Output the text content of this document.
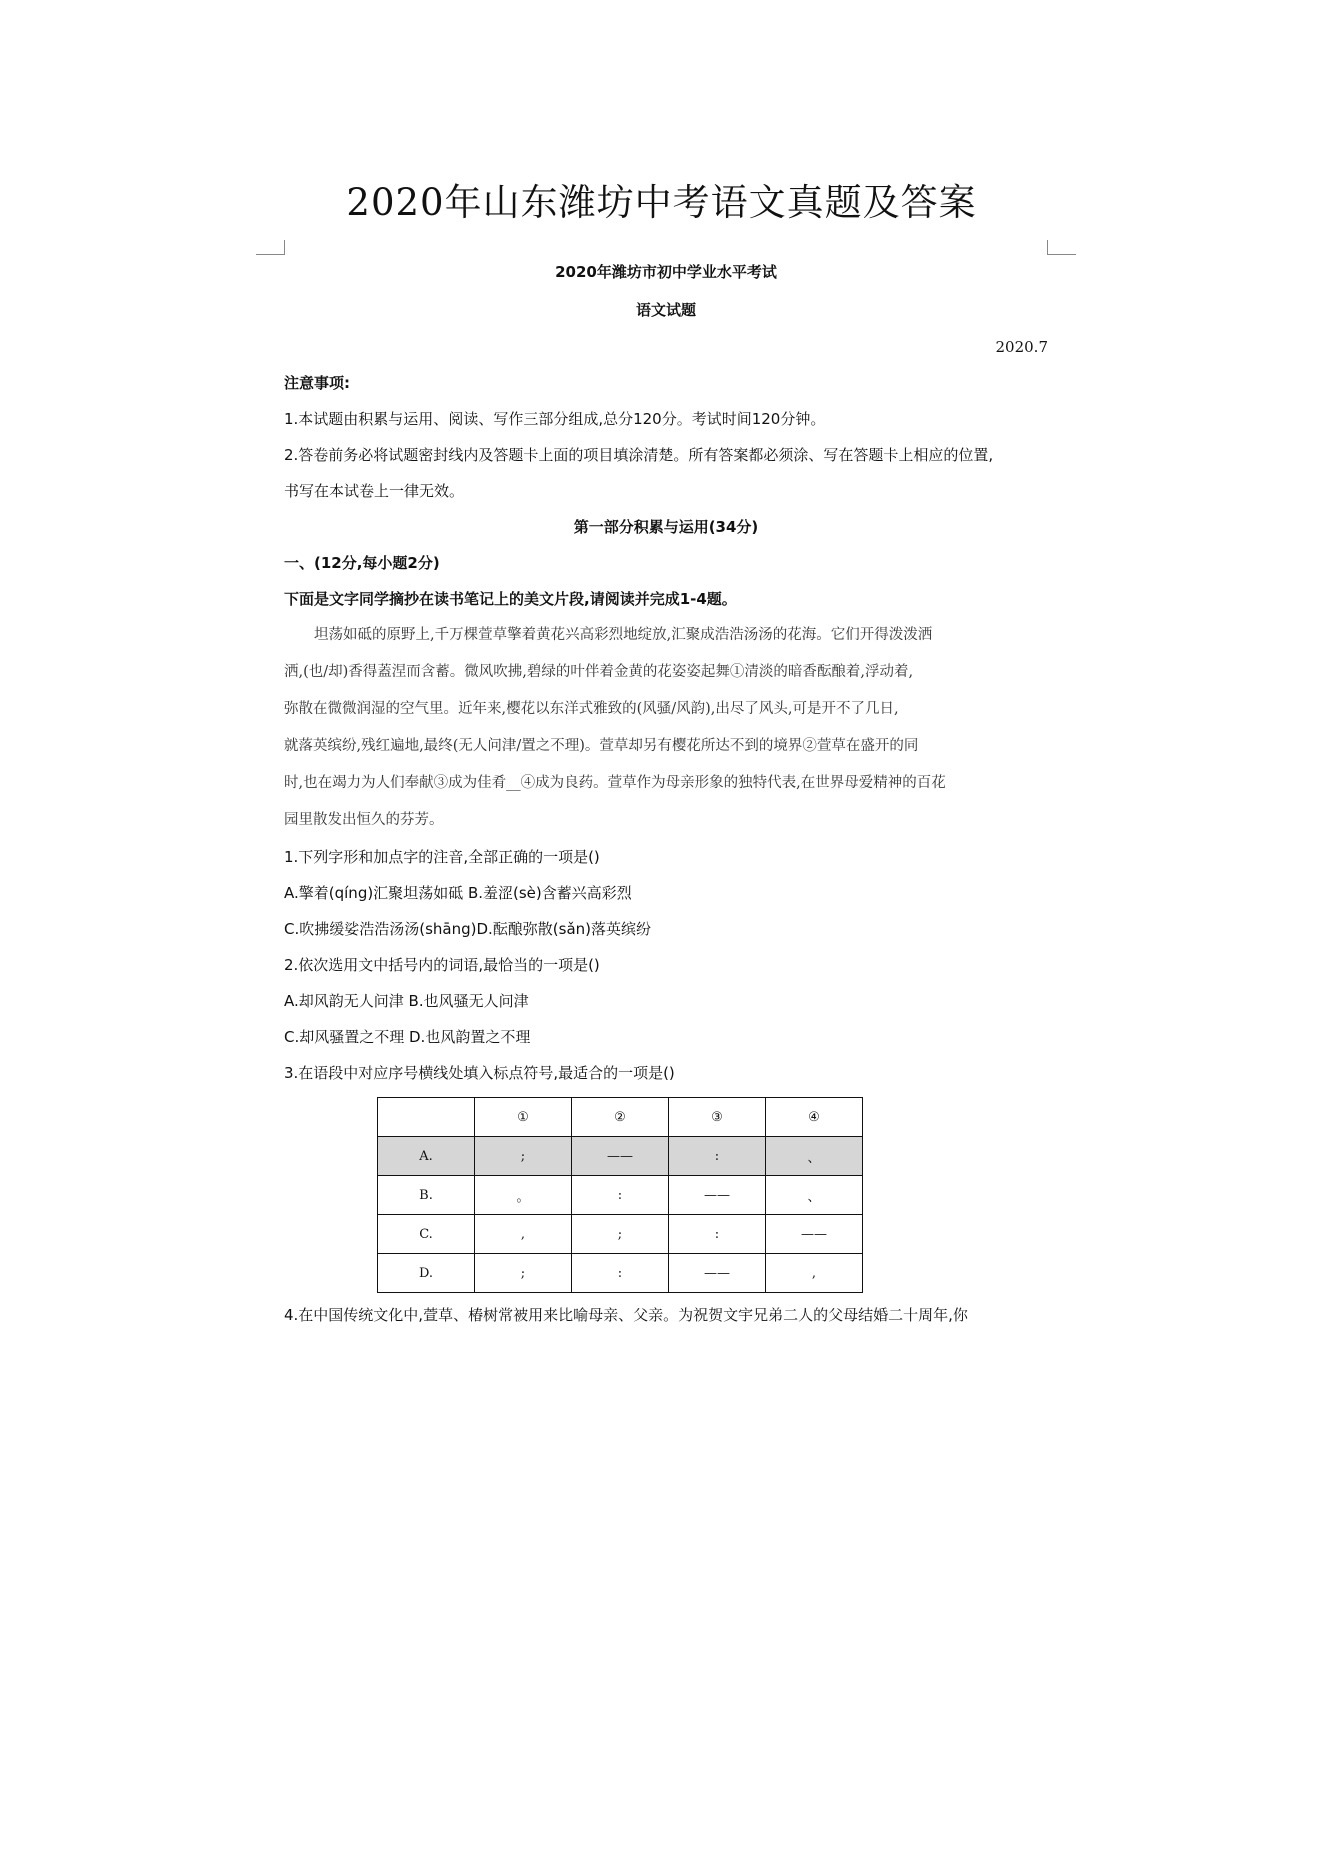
2020年山东潍坊中考语文真题及答案
2020年潍坊市初中学业水平考试
语文试题
2020.7
注意事项:
1.本试题由积累与运用、阅读、写作三部分组成,总分120分。考试时间120分钟。
2.答卷前务必将试题密封线内及答题卡上面的项目填涂清楚。所有答案都必须涂、写在答题卡上相应的位置,
书写在本试卷上一律无效。
第一部分积累与运用(34分)
一、(12分,每小题2分)
下面是文字同学摘抄在读书笔记上的美文片段,请阅读并完成1-4题。
坦荡如砥的原野上,千万棵萱草擎着黄花兴高彩烈地绽放,汇聚成浩浩汤汤的花海。它们开得泼泼洒
洒,(也/却)香得蓋涅而含蓄。微风吹拂,碧绿的叶伴着金黄的花姿姿起舞①清淡的暗香酝酿着,浮动着,
弥散在微微润湿的空气里。近年来,樱花以东洋式雅致的(风骚/风韵),出尽了风头,可是开不了几日,
就落英缤纷,残红遍地,最终(无人问津/置之不理)。萱草却另有樱花所达不到的境界②萱草在盛开的同
时,也在竭力为人们奉献③成为佳肴__④成为良药。萱草作为母亲形象的独特代表,在世界母爱精神的百花
园里散发出恒久的芬芳。
1.下列字形和加点字的注音,全部正确的一项是()
A.擎着(qíng)汇聚坦荡如砥 B.羞涩(sè)含蓄兴高彩烈
C.吹拂缓娑浩浩汤汤(shāng)D.酝酿弥散(sǎn)落英缤纷
2.依次选用文中括号内的词语,最恰当的一项是()
A.却风韵无人问津 B.也风骚无人问津
C.却风骚置之不理 D.也风韵置之不理
3.在语段中对应序号横线处填入标点符号,最适合的一项是()
	①	②	③	④
A.	;	——	:	、
B.	。	:	——	、
C.	,	;	:	——
D.	;	:	——	,
4.在中国传统文化中,萱草、椿树常被用来比喻母亲、父亲。为祝贺文宇兄弟二人的父母结婚二十周年,你
